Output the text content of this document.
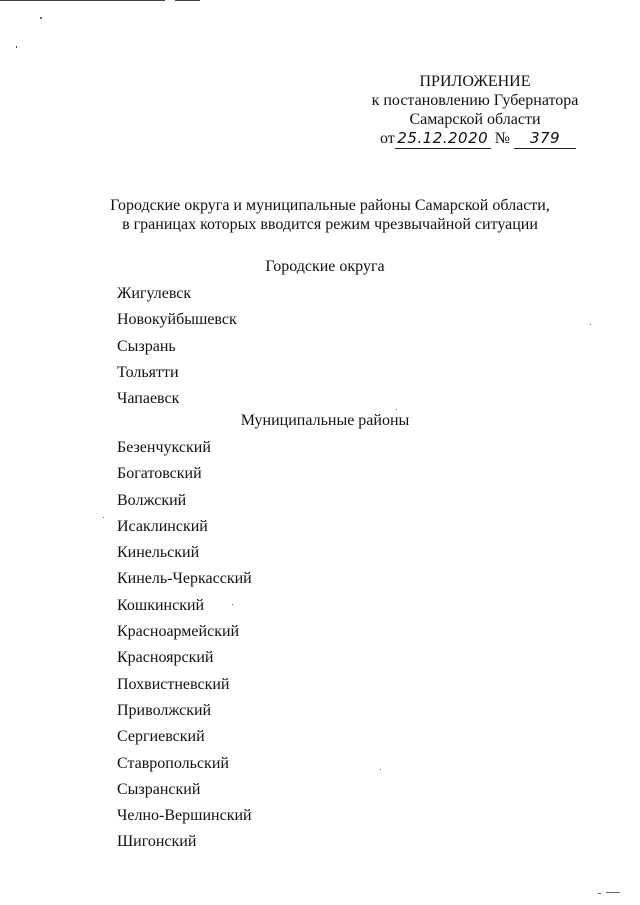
ПРИЛОЖЕНИЕ
к постановлению Губернатора
Самарской области
от 25.12.2020 № 379
Городские округа и муниципальные районы Самарской области,
в границах которых вводится режим чрезвычайной ситуации
Городские округа
Жигулевск
Новокуйбышевск
Сызрань
Тольятти
Чапаевск
Муниципальные районы
Безенчукский
Богатовский
Волжский
Исаклинский
Кинельский
Кинель-Черкасский
Кошкинский
Красноармейский
Красноярский
Похвистневский
Приволжский
Сергиевский
Ставропольский
Сызранский
Челно-Вершинский
Шигонский
